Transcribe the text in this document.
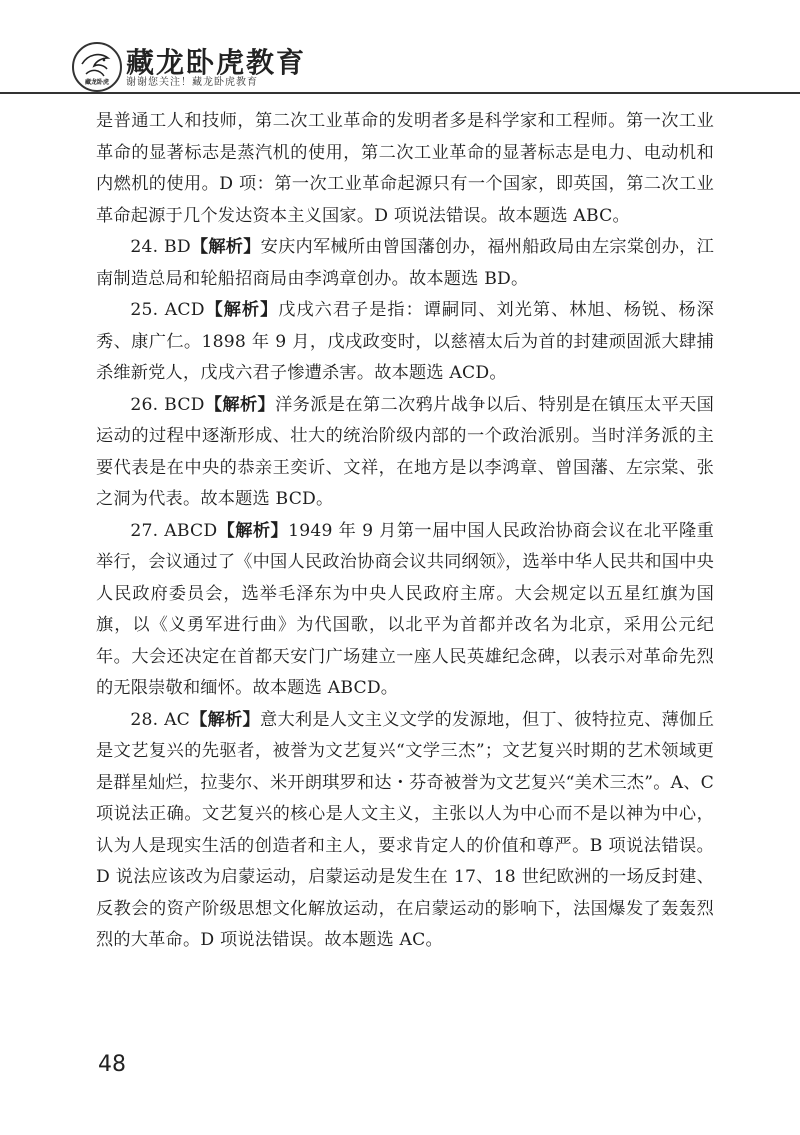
藏龙卧虎
藏龙卧虎教育
谢谢您关注！藏龙卧虎教育

是普通工人和技师，第二次工业革命的发明者多是科学家和工程师。第一次工业革命的显著标志是蒸汽机的使用，第二次工业革命的显著标志是电力、电动机和内燃机的使用。D 项：第一次工业革命起源只有一个国家，即英国，第二次工业革命起源于几个发达资本主义国家。D 项说法错误。故本题选 ABC。

24. BD【解析】安庆内军械所由曾国藩创办，福州船政局由左宗棠创办，江南制造总局和轮船招商局由李鸿章创办。故本题选 BD。

25. ACD【解析】戊戌六君子是指：谭嗣同、刘光第、林旭、杨锐、杨深秀、康广仁。1898 年 9 月，戊戌政变时，以慈禧太后为首的封建顽固派大肆捕杀维新党人，戊戌六君子惨遭杀害。故本题选 ACD。

26. BCD【解析】洋务派是在第二次鸦片战争以后、特别是在镇压太平天国运动的过程中逐渐形成、壮大的统治阶级内部的一个政治派别。当时洋务派的主要代表是在中央的恭亲王奕䜣、文祥，在地方是以李鸿章、曾国藩、左宗棠、张之洞为代表。故本题选 BCD。

27. ABCD【解析】1949 年 9 月第一届中国人民政治协商会议在北平隆重举行，会议通过了《中国人民政治协商会议共同纲领》，选举中华人民共和国中央人民政府委员会，选举毛泽东为中央人民政府主席。大会规定以五星红旗为国旗，以《义勇军进行曲》为代国歌，以北平为首都并改名为北京，采用公元纪年。大会还决定在首都天安门广场建立一座人民英雄纪念碑，以表示对革命先烈的无限崇敬和缅怀。故本题选 ABCD。

28. AC【解析】意大利是人文主义文学的发源地，但丁、彼特拉克、薄伽丘是文艺复兴的先驱者，被誉为文艺复兴“文学三杰”；文艺复兴时期的艺术领域更是群星灿烂，拉斐尔、米开朗琪罗和达・芬奇被誉为文艺复兴“美术三杰”。A、C 项说法正确。文艺复兴的核心是人文主义，主张以人为中心而不是以神为中心，认为人是现实生活的创造者和主人，要求肯定人的价值和尊严。B 项说法错误。D 说法应该改为启蒙运动，启蒙运动是发生在 17、18 世纪欧洲的一场反封建、反教会的资产阶级思想文化解放运动，在启蒙运动的影响下，法国爆发了轰轰烈烈的大革命。D 项说法错误。故本题选 AC。

48
